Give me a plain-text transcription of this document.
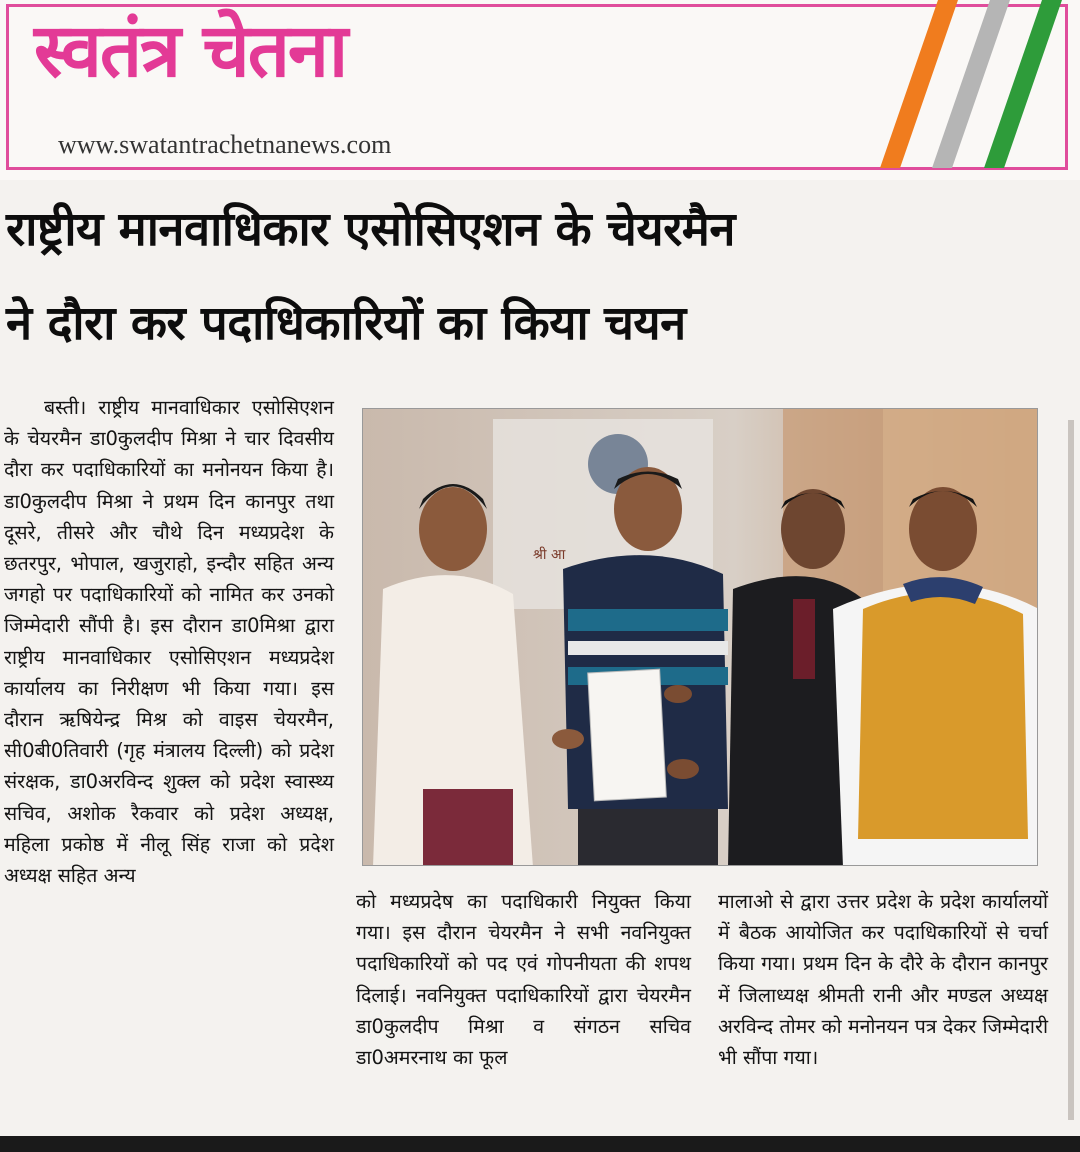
स्वतंत्र चेतना
www.swatantrachetnanews.com
राष्ट्रीय मानवाधिकार एसोसिएशन के चेयरमैन
ने दौरा कर पदाधिकारियों का किया चयन

बस्ती। राष्ट्रीय मानवाधिकार एसोसिएशन के चेयरमैन डा0कुलदीप मिश्रा ने चार दिवसीय दौरा कर पदाधिकारियों का मनोनयन किया है। डा0कुलदीप मिश्रा ने प्रथम दिन कानपुर तथा दूसरे, तीसरे और चौथे दिन मध्यप्रदेश के छतरपुर, भोपाल, खजुराहो, इन्दौर सहित अन्य जगहो पर पदाधिकारियों को नामित कर उनको जिम्मेदारी सौंपी है। इस दौरान डा0मिश्रा द्वारा राष्ट्रीय मानवाधिकार एसोसिएशन मध्यप्रदेश कार्यालय का निरीक्षण भी किया गया। इस दौरान ऋषियेन्द्र मिश्र को वाइस चेयरमैन, सी0बी0तिवारी (गृह मंत्रालय दिल्ली) को प्रदेश संरक्षक, डा0अरविन्द शुक्ल को प्रदेश स्वास्थ्य सचिव, अशोक रैकवार को प्रदेश अध्यक्ष, महिला प्रकोष्ठ में नीलू सिंह राजा को प्रदेश अध्यक्ष सहित अन्य

श्री आ

को मध्यप्रदेष का पदाधिकारी नियुक्त किया गया। इस दौरान चेयरमैन ने सभी नवनियुक्त पदाधिकारियों को पद एवं गोपनीयता की शपथ दिलाई। नवनियुक्त पदाधिकारियों द्वारा चेयरमैन डा0कुलदीप मिश्रा व संगठन सचिव डा0अमरनाथ का फूल

मालाओ से द्वारा उत्तर प्रदेश के प्रदेश कार्यालयों में बैठक आयोजित कर पदाधिकारियों से चर्चा किया गया। प्रथम दिन के दौरे के दौरान कानपुर में जिलाध्यक्ष श्रीमती रानी और मण्डल अध्यक्ष अरविन्द तोमर को मनोनयन पत्र देकर जिम्मेदारी भी सौंपा गया।
